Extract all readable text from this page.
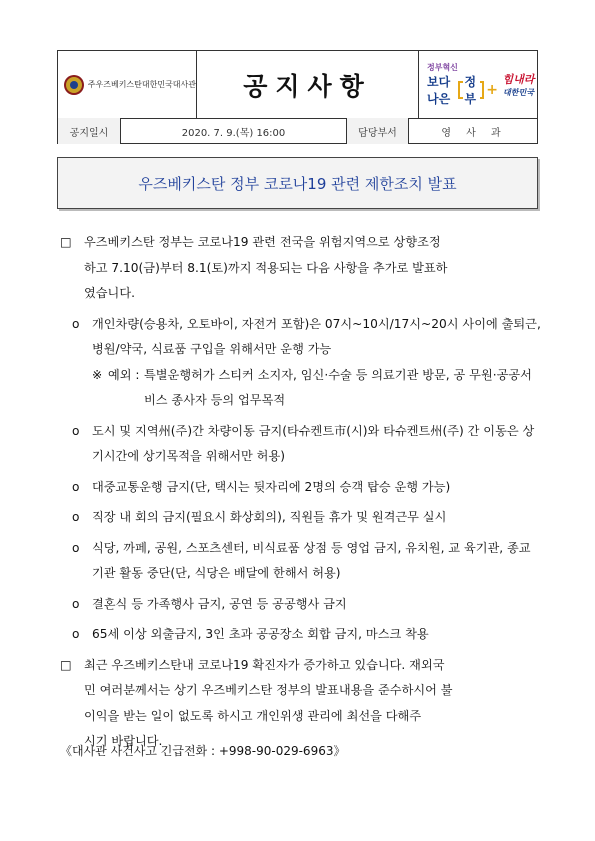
주우즈베키스탄대한민국대사관 공지사항
정부혁신
보다 나은
정부
+
힘내라
대한민국
공지일시	2020. 7. 9.(목) 16:00	담당부서	영 사 과
우즈베키스탄 정부 코로나19 관련 제한조치 발표
□ 우즈베키스탄 정부는 코로나19 관련 전국을 위험지역으로 상향조정
하고 7.10(금)부터 8.1(토)까지 적용되는 다음 사항을 추가로 발표하
였습니다.
ο 개인차량(승용차, 오토바이, 자전거 포함)은 07시~10시/17시~20시 사이에 출퇴근, 병원/약국, 식료품 구입을 위해서만 운행 가능
※ 예외 : 특별운행허가 스티커 소지자, 임신·수술 등 의료기관 방문, 공 무원·공공서비스 종사자 등의 업무목적
ο 도시 및 지역州(주)간 차량이동 금지(타슈켄트市(시)와 타슈켄트州(주) 간 이동은 상기시간에 상기목적을 위해서만 허용)
ο 대중교통운행 금지(단, 택시는 뒷자리에 2명의 승객 탑승 운행 가능)
ο 직장 내 회의 금지(필요시 화상회의), 직원들 휴가 및 원격근무 실시
ο 식당, 까페, 공원, 스포츠센터, 비식료품 상점 등 영업 금지, 유치원, 교 육기관, 종교기관 활동 중단(단, 식당은 배달에 한해서 허용)
ο 결혼식 등 가족행사 금지, 공연 등 공공행사 금지
ο 65세 이상 외출금지, 3인 초과 공공장소 회합 금지, 마스크 착용
□ 최근 우즈베키스탄내 코로나19 확진자가 증가하고 있습니다. 재외국
민 여러분께서는 상기 우즈베키스탄 정부의 발표내용을 준수하시어 불
이익을 받는 일이 없도록 하시고 개인위생 관리에 최선을 다해주
시기 바랍니다.
《대사관 사건사고 긴급전화 : +998-90-029-6963》
